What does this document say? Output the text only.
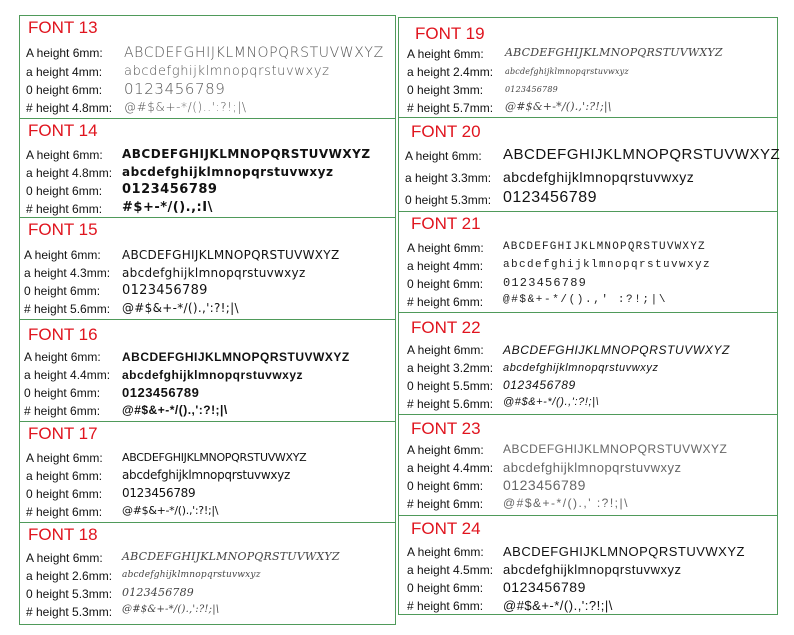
FONT 13
A height 6mm:
a height 4mm:
0 height 6mm:
# height 4.8mm:
ABCDEFGHIJKLMNOPQRSTUVWXYZ
abcdefghijklmnopqrstuvwxyz
0123456789
@#$&+-*/()..':?!;|\
FONT 14
A height 6mm:
a height 4.8mm:
0 height 6mm:
# height 6mm:
ABCDEFGHIJKLMNOPQRSTUVWXYZ
abcdefghijklmnopqrstuvwxyz
0123456789
#$+-*/().,:I\
FONT 15
A height 6mm:
a height 4.3mm:
0 height 6mm:
# height 5.6mm:
ABCDEFGHIJKLMNOPQRSTUVWXYZ
abcdefghijklmnopqrstuvwxyz
0123456789
@#$&+-*/().,':?!;|\
FONT 16
A height 6mm:
a height 4.4mm:
0 height 6mm:
# height 6mm:
ABCDEFGHIJKLMNOPQRSTUVWXYZ
abcdefghijklmnopqrstuvwxyz
0123456789
@#$&+-*/().,':?!;|\
FONT 17
A height 6mm:
a height 6mm:
0 height 6mm:
# height 6mm:
ABCDEFGHIJKLMNOPQRSTUVWXYZ
abcdefghijklmnopqrstuvwxyz
0123456789
@#$&+-*/().,':?!;|\
FONT 18
A height 6mm:
a height 2.6mm:
0 height 5.3mm:
# height 5.3mm:
ABCDEFGHIJKLMNOPQRSTUVWXYZ
abcdefghijklmnopqrstuvwxyz
0123456789
@#$&+-*/().,':?!;|\
FONT 19
A height 6mm:
a height 2.4mm:
0 height 3mm:
# height 5.7mm:
ABCDEFGHIJKLMNOPQRSTUVWXYZ
abcdefghijklmnopqrstuvwxyz
0123456789
@#$&+-*/().,':?!;|\
FONT 20
A height 6mm:
a height 3.3mm:
0 height 5.3mm:
ABCDEFGHIJKLMNOPQRSTUVWXYZ
abcdefghijklmnopqrstuvwxyz
0123456789
FONT 21
A height 6mm:
a height 4mm:
0 height 6mm:
# height 6mm:
ABCDEFGHIJKLMNOPQRSTUVWXYZ
abcdefghijklmnopqrstuvwxyz
0123456789
@#$&+-*/().,' :?!;|\
FONT 22
A height 6mm:
a height 3.2mm:
0 height 5.5mm:
# height 5.6mm:
ABCDEFGHIJKLMNOPQRSTUVWXYZ
abcdefghijklmnopqrstuvwxyz
0123456789
@#$&+-*/().,':?!;|\
FONT 23
A height 6mm:
a height 4.4mm:
0 height 6mm:
# height 6mm:
ABCDEFGHIJKLMNOPQRSTUVWXYZ
abcdefghijklmnopqrstuvwxyz
0123456789
@#$&+-*/().,' :?!;|\
FONT 24
A height 6mm:
a height 4.5mm:
0 height 6mm:
# height 6mm:
ABCDEFGHIJKLMNOPQRSTUVWXYZ
abcdefghijklmnopqrstuvwxyz
0123456789
@#$&+-*/().,':?!;|\
